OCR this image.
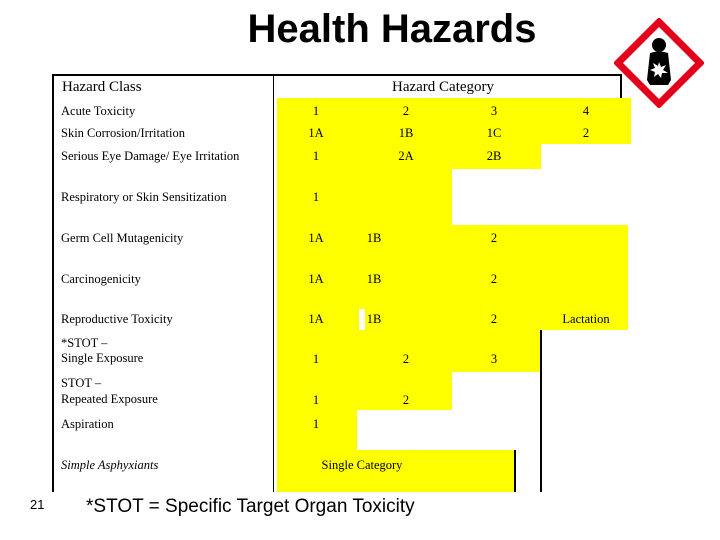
Health Hazards
Hazard Class	Hazard Category
Acute Toxicity	1	2	3	4
Skin Corrosion/Irritation	1A	1B	1C	2
Serious Eye Damage/ Eye Irritation	1	2A	2B
Respiratory or Skin Sensitization	1
Germ Cell Mutagenicity	1A	1B	2
Carcinogenicity	1A	1B	2
Reproductive Toxicity	1A	1B	2	Lactation
*STOT –
Single Exposure	1	2	3
STOT –
Repeated Exposure	1	2
Aspiration	1
Simple Asphyxiants	Single Category
21 *STOT = Specific Target Organ Toxicity
